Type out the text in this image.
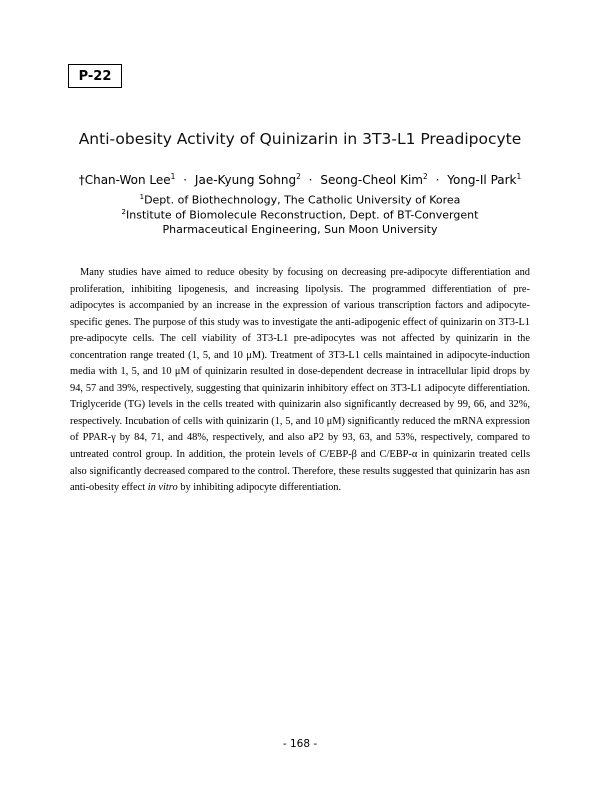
P-22
Anti-obesity Activity of Quinizarin in 3T3-L1 Preadipocyte
†Chan-Won Lee$^1$ · Jae-Kyung Sohng$^2$ · Seong-Cheol Kim$^2$ · Yong-Il Park$^1$
$^1$Dept. of Biothechnology, The Catholic University of Korea
$^2$Institute of Biomolecule Reconstruction, Dept. of BT-Convergent
Pharmaceutical Engineering, Sun Moon University

Many studies have aimed to reduce obesity by focusing on decreasing pre-adipocyte differentiation and proliferation, inhibiting lipogenesis, and increasing lipolysis. The programmed differentiation of pre-adipocytes is accompanied by an increase in the expression of various transcription factors and adipocyte-specific genes. The purpose of this study was to investigate the anti-adipogenic effect of quinizarin on 3T3-L1 pre-adipocyte cells. The cell viability of 3T3-L1 pre-adipocytes was not affected by quinizarin in the concentration range treated (1, 5, and 10 μM). Treatment of 3T3-L1 cells maintained in adipocyte-induction media with 1, 5, and 10 μM of quinizarin resulted in dose-dependent decrease in intracellular lipid drops by 94, 57 and 39%, respectively, suggesting that quinizarin inhibitory effect on 3T3-L1 adipocyte differentiation. Triglyceride (TG) levels in the cells treated with quinizarin also significantly decreased by 99, 66, and 32%, respectively. Incubation of cells with quinizarin (1, 5, and 10 μM) significantly reduced the mRNA expression of PPAR-γ by 84, 71, and 48%, respectively, and also aP2 by 93, 63, and 53%, respectively, compared to untreated control group. In addition, the protein levels of C/EBP-β and C/EBP-α in quinizarin treated cells also significantly decreased compared to the control. Therefore, these results suggested that quinizarin has asn anti-obesity effect in vitro by inhibiting adipocyte differentiation.

- 168 -
